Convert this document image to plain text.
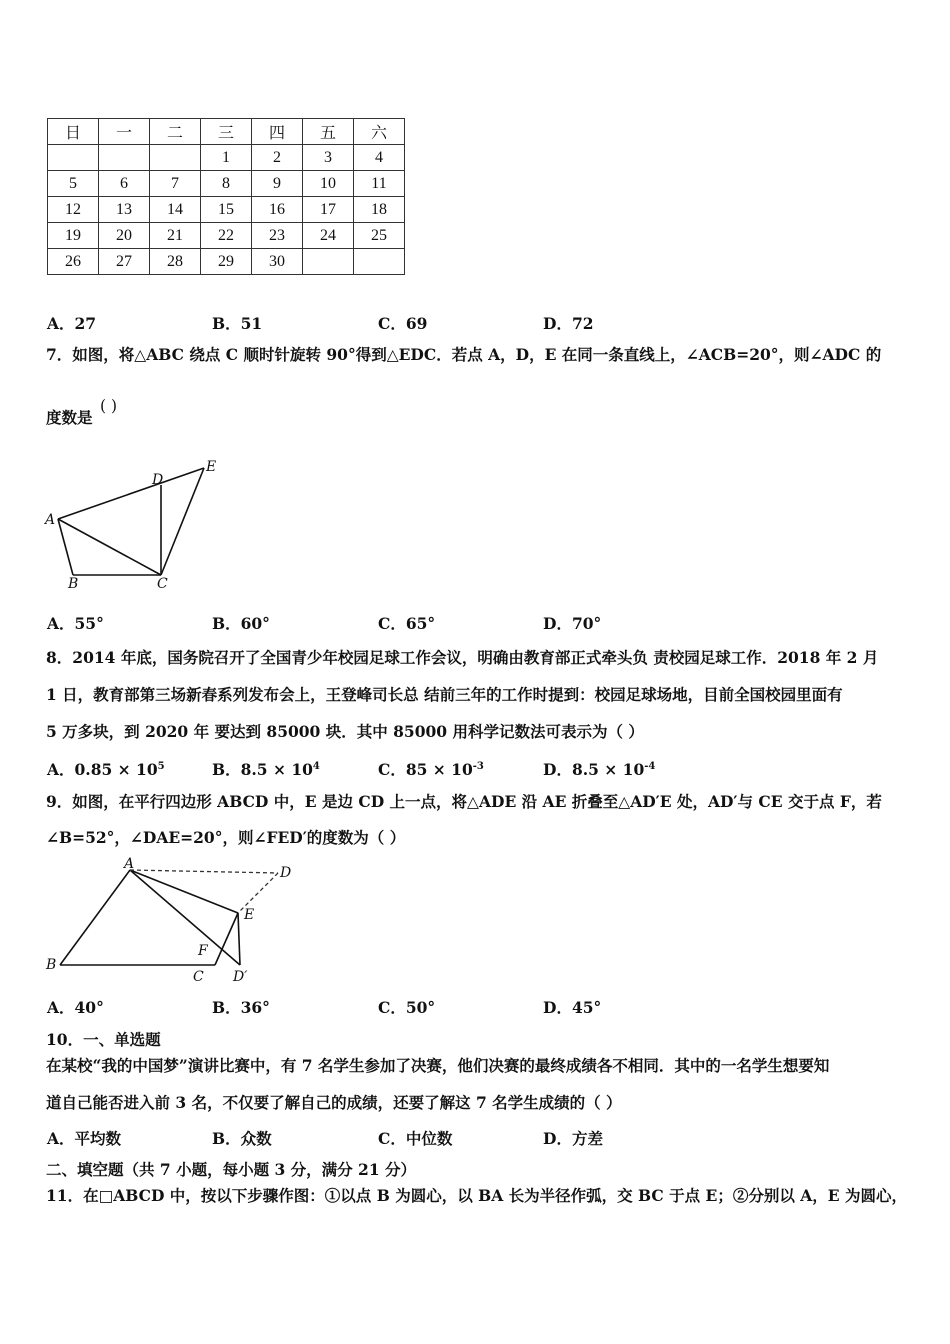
日	一	二	三	四	五	六
			1	2	3	4
5	6	7	8	9	10	11
12	13	14	15	16	17	18
19	20	21	22	23	24	25
26	27	28	29	30		
A．27	B．51	C．69	D．72
7．如图，将△ABC 绕点 C 顺时针旋转 90°得到△EDC．若点 A，D，E 在同一条直线上，∠ACB=20°，则∠ADC 的
度数是
( )
A
B	C
D
E
A．55°	B．60°	C．65°	D．70°
8．2014 年底，国务院召开了全国青少年校园足球工作会议，明确由教育部正式牵头负 责校园足球工作．2018 年 2 月
1 日，教育部第三场新春系列发布会上，王登峰司长总 结前三年的工作时提到：校园足球场地，目前全国校园里面有
5 万多块，到 2020 年 要达到 85000 块．其中 85000 用科学记数法可表示为（ ）
A．$0.85 \times 10^5$	B．$8.5 \times 10^4$	C．$85 \times 10^{-3}$	D．$8.5 \times 10^{-4}$
9．如图，在平行四边形 ABCD 中，E 是边 CD 上一点，将△ADE 沿 AE 折叠至△AD′E 处，AD′与 CE 交于点 F，若
∠B=52°，∠DAE=20°，则∠FED′的度数为（ ）
A
B
C
D
E
F
D′
A．40°	B．36°	C．50°	D．45°
10．一、单选题
在某校“我的中国梦”演讲比赛中，有 7 名学生参加了决赛，他们决赛的最终成绩各不相同．其中的一名学生想要知
道自己能否进入前 3 名，不仅要了解自己的成绩，还要了解这 7 名学生成绩的（ ）
A．平均数	B．众数	C．中位数	D．方差
二、填空题（共 7 小题，每小题 3 分，满分 21 分）
11．在□ABCD 中，按以下步骤作图：①以点 B 为圆心，以 BA 长为半径作弧，交 BC 于点 E；②分别以 A，E 为圆心，
